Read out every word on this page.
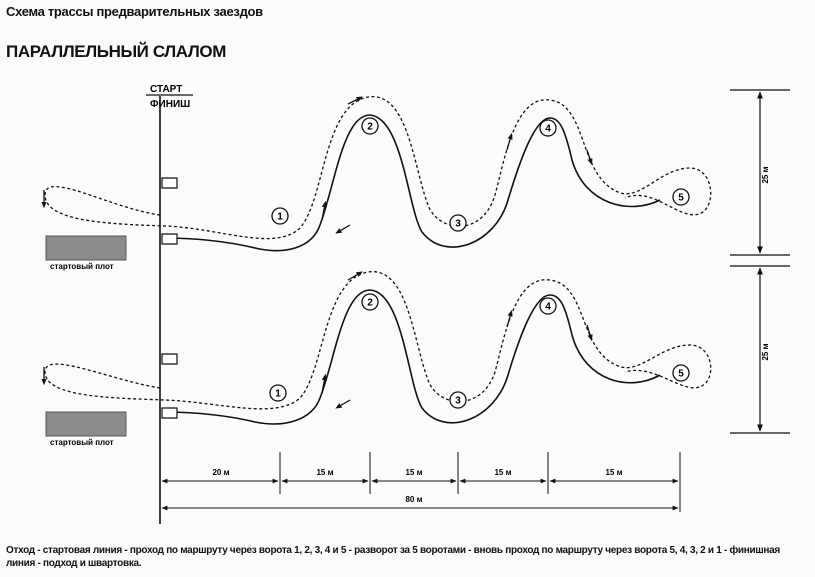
Схема трассы предварительных заездов
ПАРАЛЛЕЛЬНЫЙ СЛАЛОМ
СТАРТ
ФИНИШ
стартовый плот
1
2
3
4
5
стартовый плот
1
2
3
4
5
25 м
25 м
20 м	15 м	15 м	15 м	15 м
80 м
Отход - стартовая линия - проход по маршруту через ворота 1, 2, 3, 4 и 5 - разворот за 5 воротами - вновь проход по маршруту через ворота 5, 4, 3, 2 и 1 - финишная линия - подход и швартовка.
